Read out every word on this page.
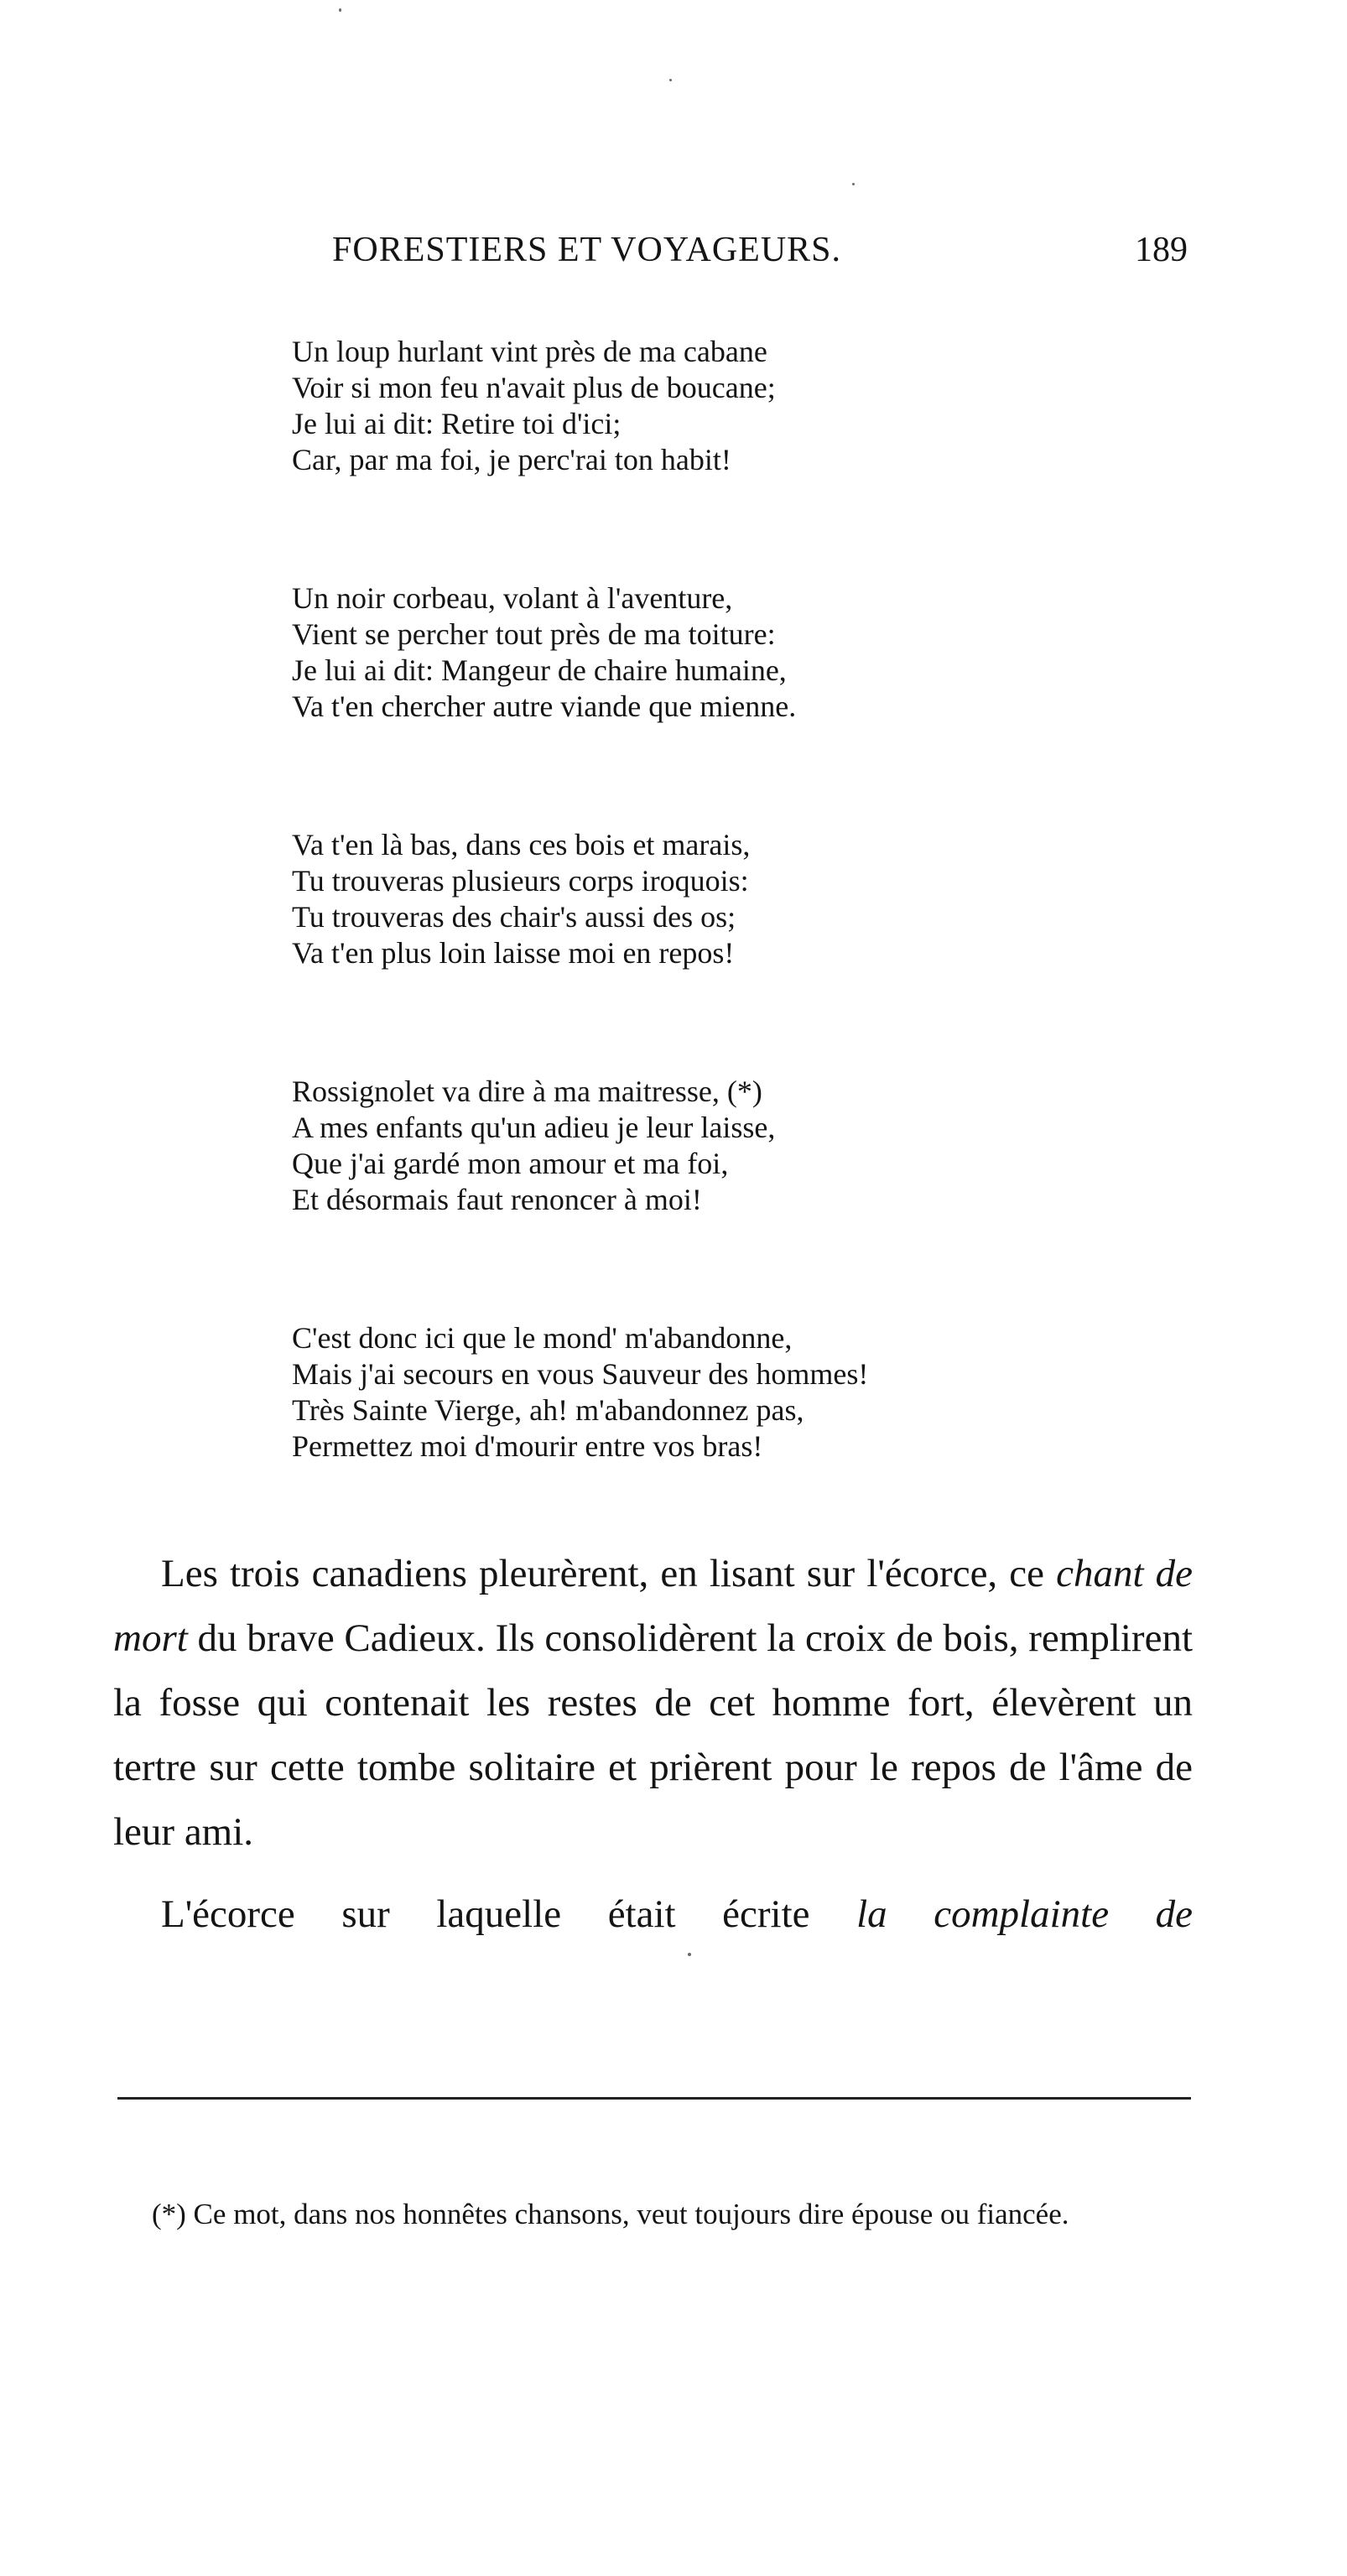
FORESTIERS ET VOYAGEURS.	189
Un loup hurlant vint près de ma cabane
Voir si mon feu n'avait plus de boucane;
Je lui ai dit: Retire toi d'ici;
Car, par ma foi, je perc'rai ton habit!
Un noir corbeau, volant à l'aventure,
Vient se percher tout près de ma toiture:
Je lui ai dit: Mangeur de chaire humaine,
Va t'en chercher autre viande que mienne.
Va t'en là bas, dans ces bois et marais,
Tu trouveras plusieurs corps iroquois:
Tu trouveras des chair's aussi des os;
Va t'en plus loin laisse moi en repos!
Rossignolet va dire à ma maitresse, (*)
A mes enfants qu'un adieu je leur laisse,
Que j'ai gardé mon amour et ma foi,
Et désormais faut renoncer à moi!
C'est donc ici que le mond' m'abandonne,
Mais j'ai secours en vous Sauveur des hommes!
Très Sainte Vierge, ah! m'abandonnez pas,
Permettez moi d'mourir entre vos bras!

Les trois canadiens pleurèrent, en lisant sur l'écorce, ce chant de mort du brave Cadieux. Ils consolidèrent la croix de bois, remplirent la fosse qui contenait les restes de cet homme fort, élevèrent un tertre sur cette tombe solitaire et prièrent pour le repos de l'âme de leur ami.

L'écorce sur laquelle était écrite la complainte de

(*) Ce mot, dans nos honnêtes chansons, veut toujours dire épouse ou fiancée.
